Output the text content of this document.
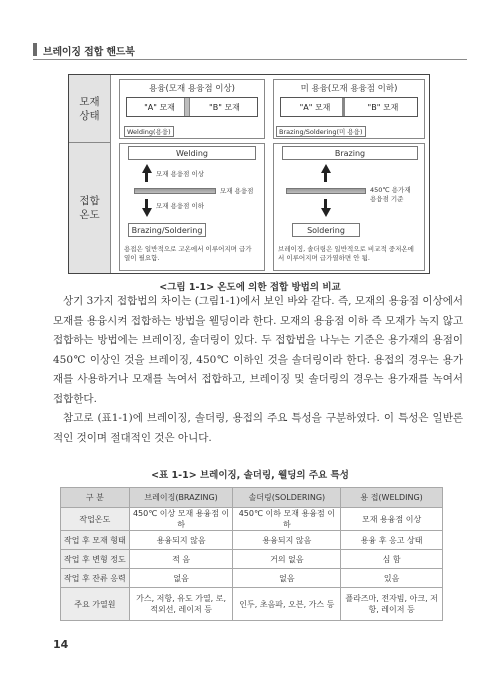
브레이징 접합 핸드북
모재
상태
접합
온도
용융(모재 용융점 이상)
"A" 모재	"B" 모재
Welding(용융)
미 용융(모재 용융점 이하)
"A" 모재	"B" 모재
Brazing/Soldering(미 용융)
Welding
모재 용융점 이상
모재 용융점
모재 용융점 이하
Brazing/Soldering
용접은 일반적으로 고온에서 이루어지며 급가
열이 필요함.
Brazing
450℃ 용가재
용융점 기준
Soldering
브레이징, 솔더링은 일반적으로 비교적 중저온에
서 이루어지며 급가열하면 안 됨.
<그림 1-1> 온도에 의한 접합 방법의 비교
상기 3가지 접합법의 차이는 (그림1-1)에서 보인 바와 같다. 즉, 모재의 용융점 이상에서 모재를 용융시켜 접합하는 방법을 웰딩이라 한다. 모재의 용융점 이하 즉 모재가 녹지 않고 접합하는 방법에는 브레이징, 솔더링이 있다. 두 접합법을 나누는 기준은 용가재의 용점이 450℃ 이상인 것을 브레이징, 450℃ 이하인 것을 솔더링이라 한다. 용접의 경우는 용가재를 사용하거나 모재를 녹여서 접합하고, 브레이징 및 솔더링의 경우는 용가재를 녹여서 접합한다.
참고로 (표1-1)에 브레이징, 솔더링, 용접의 주요 특성을 구분하였다. 이 특성은 일반론적인 것이며 절대적인 것은 아니다.
<표 1-1> 브레이징, 솔더링, 웰딩의 주요 특성
구 분	브레이징(BRAZING)	솔더링(SOLDERING)	용 접(WELDING)
작업온도	450℃ 이상 모재 용융점 이하	450℃ 이하 모재 용융점 이하	모재 용융점 이상
작업 후 모재 형태	용융되지 않음	용융되지 않음	용융 후 응고 상태
작업 후 변형 정도	적 음	거의 없음	심 함
작업 후 잔류 응력	없음	없음	있음
주요 가열원	가스, 저항, 유도 가열, 로, 적외선, 레이저 등	인두, 초음파, 오븐, 가스 등	플라즈마, 전자빔, 아크, 저항, 레이저 등
14
